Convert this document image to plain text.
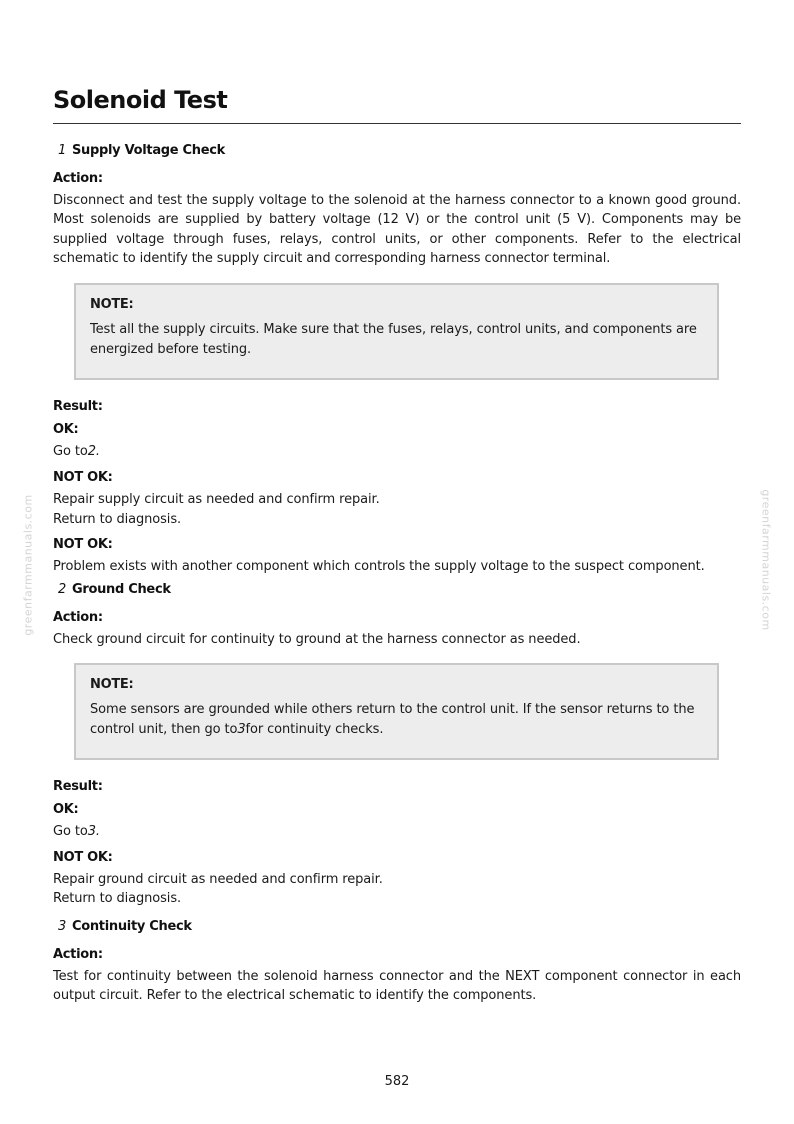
Solenoid Test
1 Supply Voltage Check
Action:
Disconnect and test the supply voltage to the solenoid at the harness connector to a known good ground. Most solenoids are supplied by battery voltage (12 V) or the control unit (5 V). Components may be supplied voltage through fuses, relays, control units, or other components. Refer to the electrical schematic to identify the supply circuit and corresponding harness connector terminal.
NOTE:
Test all the supply circuits. Make sure that the fuses, relays, control units, and components are energized before testing.
Result:
OK:
Go to2.
NOT OK:
Repair supply circuit as needed and confirm repair.
Return to diagnosis.
NOT OK:
Problem exists with another component which controls the supply voltage to the suspect component.
2 Ground Check
Action:
Check ground circuit for continuity to ground at the harness connector as needed.
NOTE:
Some sensors are grounded while others return to the control unit. If the sensor returns to the control unit, then go to3for continuity checks.
Result:
OK:
Go to3.
NOT OK:
Repair ground circuit as needed and confirm repair.
Return to diagnosis.
3 Continuity Check
Action:
Test for continuity between the solenoid harness connector and the NEXT component connector in each output circuit. Refer to the electrical schematic to identify the components.
greenfarmmanuals.com	greenfarmmanuals.com
582
